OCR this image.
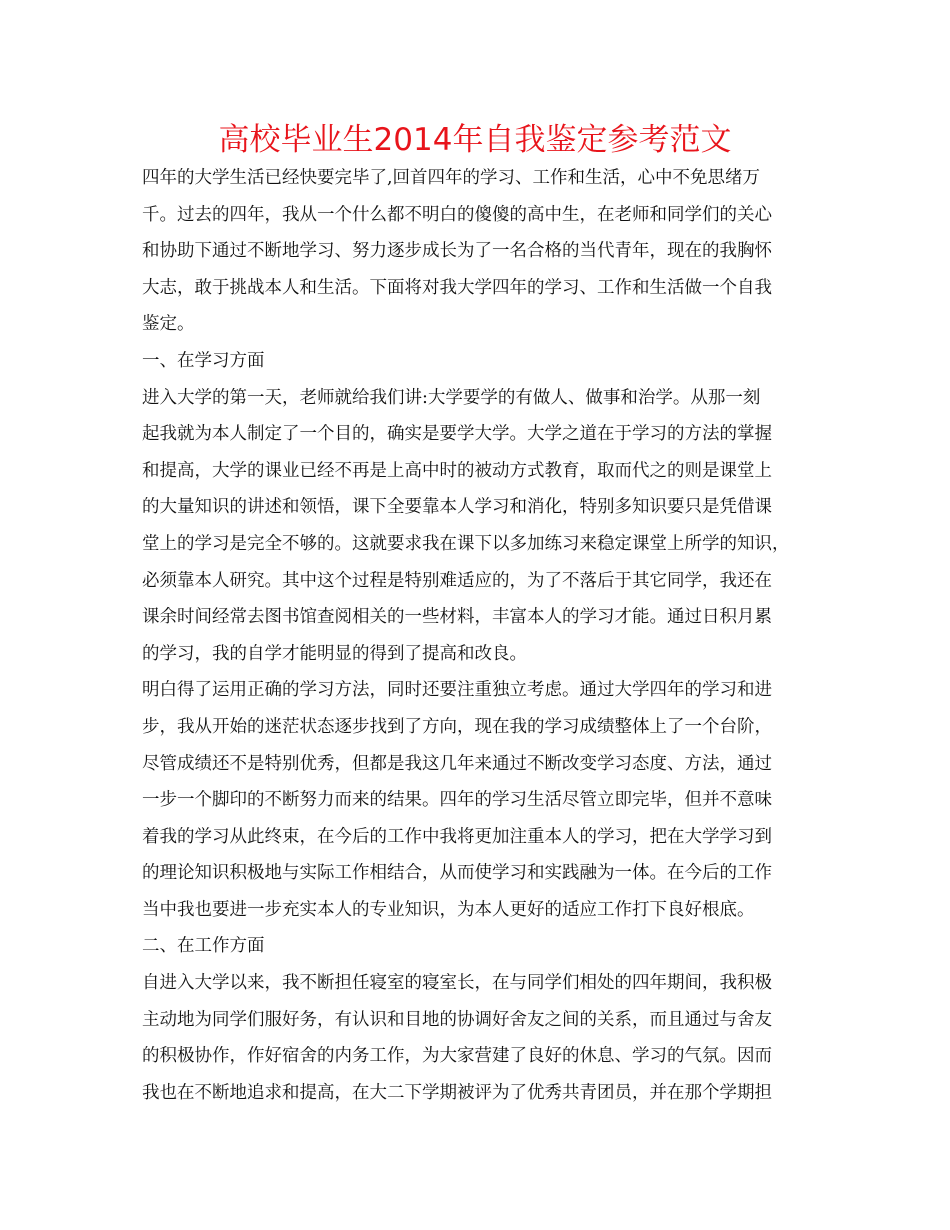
高校毕业生2014年自我鉴定参考范文
四年的大学生活已经快要完毕了,回首四年的学习、工作和生活，心中不免思绪万
千。过去的四年，我从一个什么都不明白的傻傻的高中生，在老师和同学们的关心
和协助下通过不断地学习、努力逐步成长为了一名合格的当代青年，现在的我胸怀
大志，敢于挑战本人和生活。下面将对我大学四年的学习、工作和生活做一个自我
鉴定。
一、在学习方面
进入大学的第一天，老师就给我们讲:大学要学的有做人、做事和治学。从那一刻
起我就为本人制定了一个目的，确实是要学大学。大学之道在于学习的方法的掌握
和提高，大学的课业已经不再是上高中时的被动方式教育，取而代之的则是课堂上
的大量知识的讲述和领悟，课下全要靠本人学习和消化，特别多知识要只是凭借课
堂上的学习是完全不够的。这就要求我在课下以多加练习来稳定课堂上所学的知识，
必须靠本人研究。其中这个过程是特别难适应的，为了不落后于其它同学，我还在
课余时间经常去图书馆查阅相关的一些材料，丰富本人的学习才能。通过日积月累
的学习，我的自学才能明显的得到了提高和改良。
明白得了运用正确的学习方法，同时还要注重独立考虑。通过大学四年的学习和进
步，我从开始的迷茫状态逐步找到了方向，现在我的学习成绩整体上了一个台阶，
尽管成绩还不是特别优秀，但都是我这几年来通过不断改变学习态度、方法，通过
一步一个脚印的不断努力而来的结果。四年的学习生活尽管立即完毕，但并不意味
着我的学习从此终束，在今后的工作中我将更加注重本人的学习，把在大学学习到
的理论知识积极地与实际工作相结合，从而使学习和实践融为一体。在今后的工作
当中我也要进一步充实本人的专业知识，为本人更好的适应工作打下良好根底。
二、在工作方面
自进入大学以来，我不断担任寝室的寝室长，在与同学们相处的四年期间，我积极
主动地为同学们服好务，有认识和目地的协调好舍友之间的关系，而且通过与舍友
的积极协作，作好宿舍的内务工作，为大家营建了良好的休息、学习的气氛。因而
我也在不断地追求和提高，在大二下学期被评为了优秀共青团员，并在那个学期担
